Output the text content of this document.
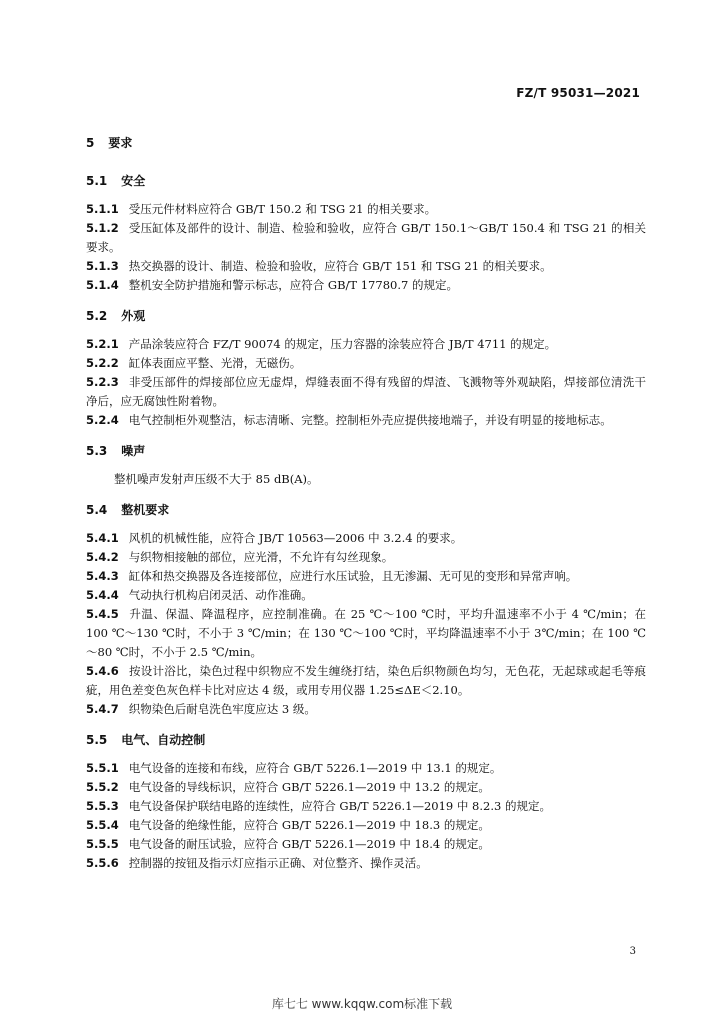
FZ/T 95031—2021
5 要求
5.1 安全

5.1.1 受压元件材料应符合 GB/T 150.2 和 TSG 21 的相关要求。

5.1.2 受压缸体及部件的设计、制造、检验和验收，应符合 GB/T 150.1～GB/T 150.4 和 TSG 21 的相关要求。

5.1.3 热交换器的设计、制造、检验和验收，应符合 GB/T 151 和 TSG 21 的相关要求。

5.1.4 整机安全防护措施和警示标志，应符合 GB/T 17780.7 的规定。

5.2 外观

5.2.1 产品涂装应符合 FZ/T 90074 的规定，压力容器的涂装应符合 JB/T 4711 的规定。

5.2.2 缸体表面应平整、光滑，无磁伤。

5.2.3 非受压部件的焊接部位应无虚焊，焊缝表面不得有残留的焊渣、飞溅物等外观缺陷，焊接部位清洗干净后，应无腐蚀性附着物。

5.2.4 电气控制柜外观整洁，标志清晰、完整。控制柜外壳应提供接地端子，并设有明显的接地标志。

5.3 噪声

整机噪声发射声压级不大于 85 dB(A)。

5.4 整机要求

5.4.1 风机的机械性能，应符合 JB/T 10563—2006 中 3.2.4 的要求。

5.4.2 与织物相接触的部位，应光滑，不允许有勾丝现象。

5.4.3 缸体和热交换器及各连接部位，应进行水压试验，且无渗漏、无可见的变形和异常声响。

5.4.4 气动执行机构启闭灵活、动作准确。

5.4.5 升温、保温、降温程序，应控制准确。在 25 ℃～100 ℃时，平均升温速率不小于 4 ℃/min；在 100 ℃～130 ℃时，不小于 3 ℃/min；在 130 ℃～100 ℃时，平均降温速率不小于 3℃/min；在 100 ℃～80 ℃时，不小于 2.5 ℃/min。

5.4.6 按设计浴比，染色过程中织物应不发生缠绕打结，染色后织物颜色均匀，无色花，无起球或起毛等痕疵，用色差变色灰色样卡比对应达 4 级，或用专用仪器 1.25≤ΔE＜2.10。

5.4.7 织物染色后耐皂洗色牢度应达 3 级。

5.5 电气、自动控制

5.5.1 电气设备的连接和布线，应符合 GB/T 5226.1—2019 中 13.1 的规定。

5.5.2 电气设备的导线标识，应符合 GB/T 5226.1—2019 中 13.2 的规定。

5.5.3 电气设备保护联结电路的连续性，应符合 GB/T 5226.1—2019 中 8.2.3 的规定。

5.5.4 电气设备的绝缘性能，应符合 GB/T 5226.1—2019 中 18.3 的规定。

5.5.5 电气设备的耐压试验，应符合 GB/T 5226.1—2019 中 18.4 的规定。

5.5.6 控制器的按钮及指示灯应指示正确、对位整齐、操作灵活。

3
库七七 www.kqqw.com标准下载
